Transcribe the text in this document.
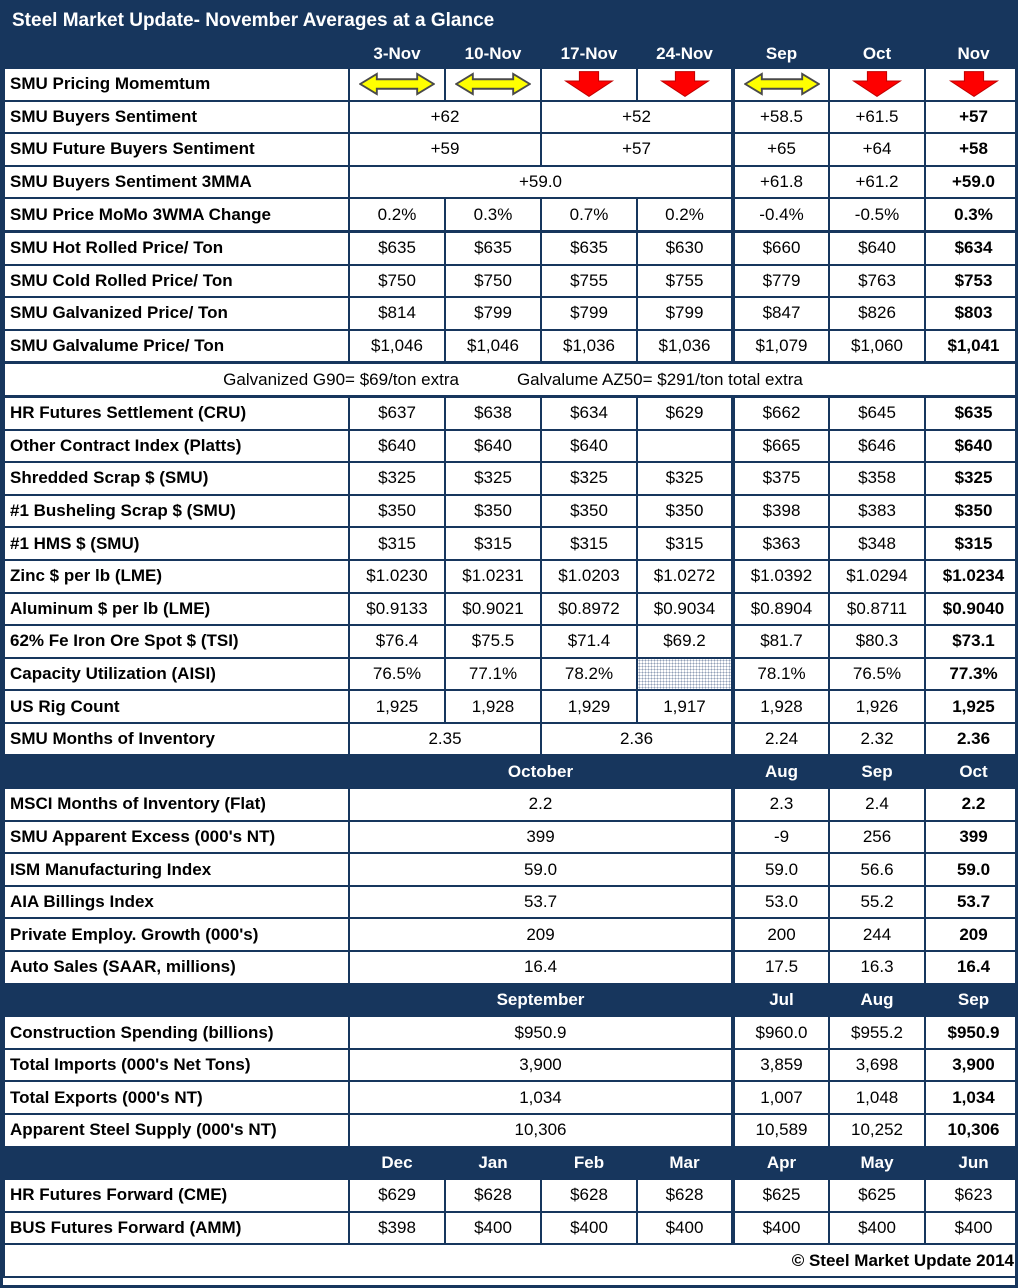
Steel Market Update- November Averages at a Glance
	3-Nov	10-Nov	17-Nov	24-Nov	Sep	Oct	Nov
SMU Pricing Momemtum							
SMU Buyers Sentiment	+62		+52		+58.5	+61.5	+57
SMU Future Buyers Sentiment	+59		+57		+65	+64	+58
SMU Buyers Sentiment 3MMA	+59.0				+61.8	+61.2	+59.0
SMU Price MoMo 3WMA Change	0.2%	0.3%	0.7%	0.2%	-0.4%	-0.5%	0.3%
SMU Hot Rolled Price/ Ton	$635	$635	$635	$630	$660	$640	$634
SMU Cold Rolled Price/ Ton	$750	$750	$755	$755	$779	$763	$753
SMU Galvanized Price/ Ton	$814	$799	$799	$799	$847	$826	$803
SMU Galvalume Price/ Ton	$1,046	$1,046	$1,036	$1,036	$1,079	$1,060	$1,041
Galvanized G90= $69/ton extra Galvalume AZ50= $291/ton total extra							
HR Futures Settlement (CRU)	$637	$638	$634	$629	$662	$645	$635
Other Contract Index (Platts)	$640	$640	$640		$665	$646	$640
Shredded Scrap $ (SMU)	$325	$325	$325	$325	$375	$358	$325
#1 Busheling Scrap $ (SMU)	$350	$350	$350	$350	$398	$383	$350
#1 HMS $ (SMU)	$315	$315	$315	$315	$363	$348	$315
Zinc $ per lb (LME)	$1.0230	$1.0231	$1.0203	$1.0272	$1.0392	$1.0294	$1.0234
Aluminum $ per lb (LME)	$0.9133	$0.9021	$0.8972	$0.9034	$0.8904	$0.8711	$0.9040
62% Fe Iron Ore Spot $ (TSI)	$76.4	$75.5	$71.4	$69.2	$81.7	$80.3	$73.1
Capacity Utilization (AISI)	76.5%	77.1%	78.2%		78.1%	76.5%	77.3%
US Rig Count	1,925	1,928	1,929	1,917	1,928	1,926	1,925
SMU Months of Inventory	2.35		2.36		2.24	2.32	2.36
	October				Aug	Sep	Oct
MSCI Months of Inventory (Flat)	2.2				2.3	2.4	2.2
SMU Apparent Excess (000's NT)	399				-9	256	399
ISM Manufacturing Index	59.0				59.0	56.6	59.0
AIA Billings Index	53.7				53.0	55.2	53.7
Private Employ. Growth (000's)	209				200	244	209
Auto Sales (SAAR, millions)	16.4				17.5	16.3	16.4
	September				Jul	Aug	Sep
Construction Spending (billions)	$950.9				$960.0	$955.2	$950.9
Total Imports (000's Net Tons)	3,900				3,859	3,698	3,900
Total Exports (000's NT)	1,034				1,007	1,048	1,034
Apparent Steel Supply (000's NT)	10,306				10,589	10,252	10,306
	Dec	Jan	Feb	Mar	Apr	May	Jun
HR Futures Forward (CME)	$629	$628	$628	$628	$625	$625	$623
BUS Futures Forward (AMM)	$398	$400	$400	$400	$400	$400	$400
© Steel Market Update 2014							
